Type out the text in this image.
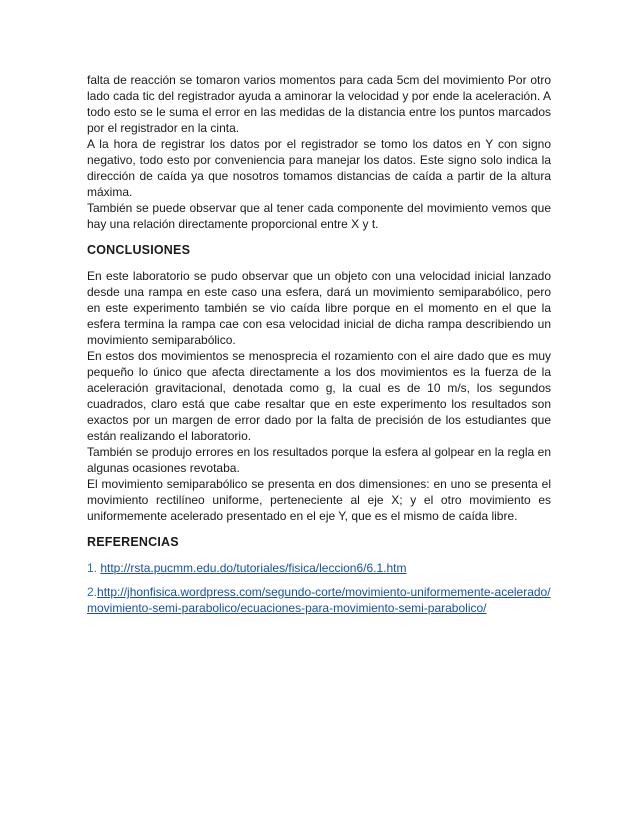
falta de reacción se tomaron varios momentos para cada 5cm del movimiento Por otro lado cada tic del registrador ayuda a aminorar la velocidad y por ende la aceleración. A todo esto se le suma el error en las medidas de la distancia entre los puntos marcados por el registrador en la cinta.

A la hora de registrar los datos por el registrador se tomo los datos en Y con signo negativo, todo esto por conveniencia para manejar los datos. Este signo solo indica la dirección de caída ya que nosotros tomamos distancias de caída a partir de la altura máxima.

También se puede observar que al tener cada componente del movimiento vemos que hay una relación directamente proporcional entre X y t.

CONCLUSIONES

En este laboratorio se pudo observar que un objeto con una velocidad inicial lanzado desde una rampa en este caso una esfera, dará un movimiento semiparabólico, pero en este experimento también se vio caída libre porque en el momento en el que la esfera termina la rampa cae con esa velocidad inicial de dicha rampa describiendo un movimiento semiparabólico.

En estos dos movimientos se menosprecia el rozamiento con el aire dado que es muy pequeño lo único que afecta directamente a los dos movimientos es la fuerza de la aceleración gravitacional, denotada como g, la cual es de 10 m/s, los segundos cuadrados, claro está que cabe resaltar que en este experimento los resultados son exactos por un margen de error dado por la falta de precisión de los estudiantes que están realizando el laboratorio.

También se produjo errores en los resultados porque la esfera al golpear en la regla en algunas ocasiones revotaba.

El movimiento semiparabólico se presenta en dos dimensiones: en uno se presenta el movimiento rectilíneo uniforme, perteneciente al eje X; y el otro movimiento es uniformemente acelerado presentado en el eje Y, que es el mismo de caída libre.

REFERENCIAS

1. http://rsta.pucmm.edu.do/tutoriales/fisica/leccion6/6.1.htm

2.http://jhonfisica.wordpress.com/segundo-corte/movimiento-uniformemente-acelerado/movimiento-semi-parabolico/ecuaciones-para-movimiento-semi-parabolico/
